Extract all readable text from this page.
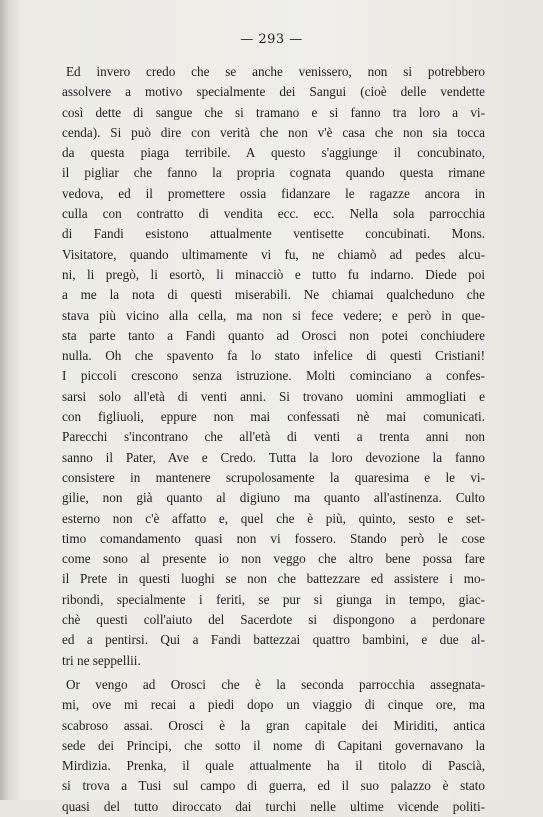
— 293 —
Ed invero credo che se anche venissero, non si potrebbero
assolvere a motivo specialmente dei Sangui (cioè delle vendette
così dette di sangue che si tramano e si fanno tra loro a vi-
cenda). Si può dire con verità che non v'è casa che non sia tocca
da questa piaga terribile. A questo s'aggiunge il concubinato,
il pigliar che fanno la propria cognata quando questa rimane
vedova, ed il promettere ossia fidanzare le ragazze ancora in
culla con contratto di vendita ecc. ecc. Nella sola parrocchia
di Fandi esistono attualmente ventisette concubinati. Mons.
Visitatore, quando ultimamente vi fu, ne chiamò ad pedes alcu-
ni, li pregò, li esortò, li minacciò e tutto fu indarno. Diede poi
a me la nota di questi miserabili. Ne chiamai qualcheduno che
stava più vicino alla cella, ma non si fece vedere; e però in que-
sta parte tanto a Fandi quanto ad Orosci non potei conchiudere
nulla. Oh che spavento fa lo stato infelice di questi Cristiani!
I piccoli crescono senza istruzione. Molti cominciano a confes-
sarsi solo all'età di venti anni. Si trovano uomini ammogliati e
con figliuoli, eppure non mai confessati nè mai comunicati.
Parecchi s'incontrano che all'età di venti a trenta anni non
sanno il Pater, Ave e Credo. Tutta la loro devozione la fanno
consistere in mantenere scrupolosamente la quaresima e le vi-
gilie, non già quanto al digiuno ma quanto all'astinenza. Culto
esterno non c'è affatto e, quel che è più, quinto, sesto e set-
timo comandamento quasi non vi fossero. Stando però le cose
come sono al presente io non veggo che altro bene possa fare
il Prete in questi luoghi se non che battezzare ed assistere i mo-
ribondi, specialmente i feriti, se pur si giunga in tempo, giac-
chè questi coll'aiuto del Sacerdote si dispongono a perdonare
ed a pentirsi. Qui a Fandi battezzai quattro bambini, e due al-
tri ne seppellii.
Or vengo ad Orosci che è la seconda parrocchia assegnata-
mi, ove mi recai a piedi dopo un viaggio di cinque ore, ma
scabroso assai. Orosci è la gran capitale dei Miriditi, antica
sede dei Principi, che sotto il nome di Capitani governavano la
Mirdizia. Prenka, il quale attualmente ha il titolo di Pascià,
si trova a Tusi sul campo di guerra, ed il suo palazzo è stato
quasi del tutto diroccato dai turchi nelle ultime vicende politi-
